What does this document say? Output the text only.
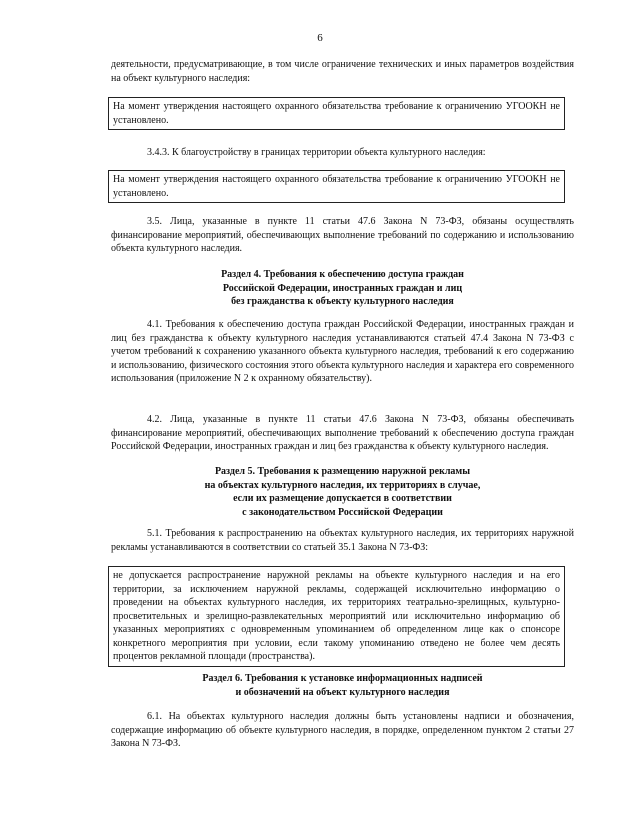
6
деятельности, предусматривающие, в том числе ограничение технических и иных параметров воздействия на объект культурного наследия:
На момент утверждения настоящего охранного обязательства требование к ограничению УГООКН не установлено.
3.4.3. К благоустройству в границах территории объекта культурного наследия:
На момент утверждения настоящего охранного обязательства требование к ограничению УГООКН не установлено.
3.5. Лица, указанные в пункте 11 статьи 47.6 Закона N 73-ФЗ, обязаны осуществлять финансирование мероприятий, обеспечивающих выполнение требований по содержанию и использованию объекта культурного наследия.
Раздел 4. Требования к обеспечению доступа граждан
Российской Федерации, иностранных граждан и лиц
без гражданства к объекту культурного наследия
4.1. Требования к обеспечению доступа граждан Российской Федерации, иностранных граждан и лиц без гражданства к объекту культурного наследия устанавливаются статьей 47.4 Закона N 73-ФЗ с учетом требований к сохранению указанного объекта культурного наследия, требований к его содержанию и использованию, физического состояния этого объекта культурного наследия и характера его современного использования (приложение N 2 к охранному обязательству).
4.2. Лица, указанные в пункте 11 статьи 47.6 Закона N 73-ФЗ, обязаны обеспечивать финансирование мероприятий, обеспечивающих выполнение требований к обеспечению доступа граждан Российской Федерации, иностранных граждан и лиц без гражданства к объекту культурного наследия.
Раздел 5. Требования к размещению наружной рекламы
на объектах культурного наследия, их территориях в случае,
если их размещение допускается в соответствии
с законодательством Российской Федерации
5.1. Требования к распространению на объектах культурного наследия, их территориях наружной рекламы устанавливаются в соответствии со статьей 35.1 Закона N 73-ФЗ:
не допускается распространение наружной рекламы на объекте культурного наследия и на его территории, за исключением наружной рекламы, содержащей исключительно информацию о проведении на объектах культурного наследия, их территориях театрально-зрелищных, культурно-просветительных и зрелищно-развлекательных мероприятий или исключительно информацию об указанных мероприятиях с одновременным упоминанием об определенном лице как о спонсоре конкретного мероприятия при условии, если такому упоминанию отведено не более чем десять процентов рекламной площади (пространства).
Раздел 6. Требования к установке информационных надписей
и обозначений на объект культурного наследия
6.1. На объектах культурного наследия должны быть установлены надписи и обозначения, содержащие информацию об объекте культурного наследия, в порядке, определенном пунктом 2 статьи 27 Закона N 73-ФЗ.
